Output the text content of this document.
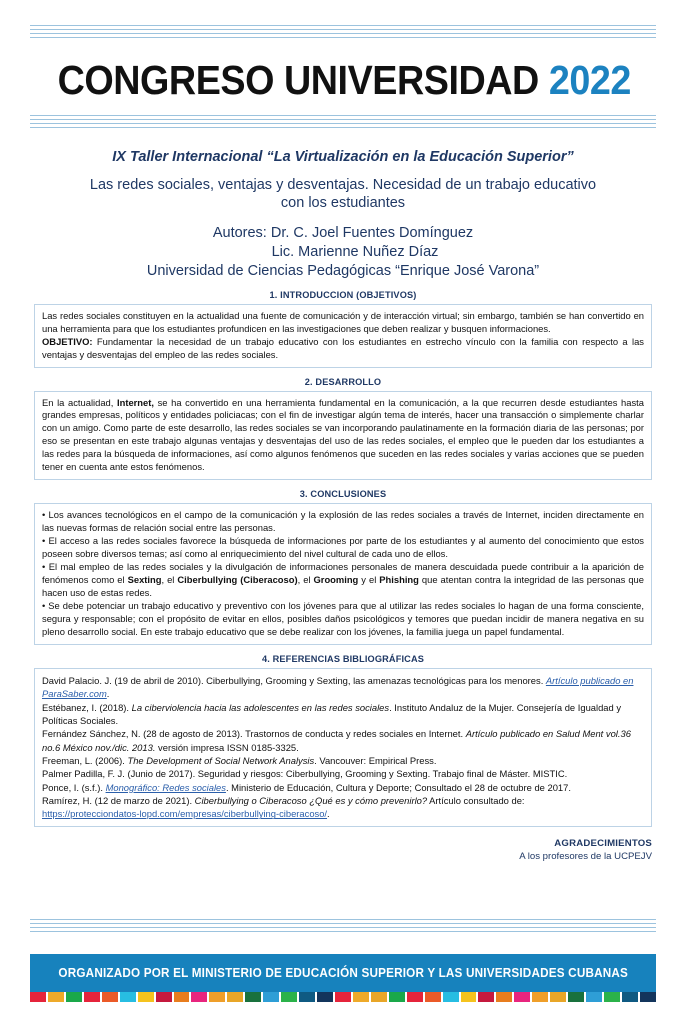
CONGRESO UNIVERSIDAD 2022
IX Taller Internacional “La Virtualización en la Educación Superior”
Las redes sociales, ventajas y desventajas. Necesidad de un trabajo educativo
con los estudiantes
Autores: Dr. C. Joel Fuentes Domínguez
Lic. Marienne Nuñez Díaz
Universidad de Ciencias Pedagógicas “Enrique José Varona”
1. INTRODUCCION (OBJETIVOS)

Las redes sociales constituyen en la actualidad una fuente de comunicación y de interacción virtual; sin embargo, también se han convertido en una herramienta para que los estudiantes profundicen en las investigaciones que deben realizar y busquen informaciones.

OBJETIVO: Fundamentar la necesidad de un trabajo educativo con los estudiantes en estrecho vínculo con la familia con respecto a las ventajas y desventajas del empleo de las redes sociales.

2. DESARROLLO

En la actualidad, Internet, se ha convertido en una herramienta fundamental en la comunicación, a la que recurren desde estudiantes hasta grandes empresas, políticos y entidades policiacas; con el fin de investigar algún tema de interés, hacer una transacción o simplemente charlar con un amigo. Como parte de este desarrollo, las redes sociales se van incorporando paulatinamente en la formación diaria de las personas; por eso se presentan en este trabajo algunas ventajas y desventajas del uso de las redes sociales, el empleo que le pueden dar los estudiantes a las redes para la búsqueda de informaciones, así como algunos fenómenos que suceden en las redes sociales y varias acciones que se pueden tener en cuenta ante estos fenómenos.

3. CONCLUSIONES

• Los avances tecnológicos en el campo de la comunicación y la explosión de las redes sociales a través de Internet, inciden directamente en las nuevas formas de relación social entre las personas.

• El acceso a las redes sociales favorece la búsqueda de informaciones por parte de los estudiantes y al aumento del conocimiento que estos poseen sobre diversos temas; así como al enriquecimiento del nivel cultural de cada uno de ellos.

• El mal empleo de las redes sociales y la divulgación de informaciones personales de manera descuidada puede contribuir a la aparición de fenómenos como el Sexting, el Ciberbullying (Ciberacoso), el Grooming y el Phishing que atentan contra la integridad de las personas que hacen uso de estas redes.

• Se debe potenciar un trabajo educativo y preventivo con los jóvenes para que al utilizar las redes sociales lo hagan de una forma consciente, segura y responsable; con el propósito de evitar en ellos, posibles daños psicológicos y temores que puedan incidir de manera negativa en su pleno desarrollo social. En este trabajo educativo que se debe realizar con los jóvenes, la familia juega un papel fundamental.

4. REFERENCIAS BIBLIOGRÁFICAS

David Palacio. J. (19 de abril de 2010). Ciberbullying, Grooming y Sexting, las amenazas tecnológicas para los menores. Artículo publicado en ParaSaber.com.

Estébanez, I. (2018). La ciberviolencia hacia las adolescentes en las redes sociales. Instituto Andaluz de la Mujer. Consejería de Igualdad y Políticas Sociales.

Fernández Sánchez, N. (28 de agosto de 2013). Trastornos de conducta y redes sociales en Internet. Artículo publicado en Salud Ment vol.36 no.6 México nov./dic. 2013. versión impresa ISSN 0185-3325.

Freeman, L. (2006). The Development of Social Network Analysis. Vancouver: Empirical Press.

Palmer Padilla, F. J. (Junio de 2017). Seguridad y riesgos: Ciberbullying, Grooming y Sexting. Trabajo final de Máster. MISTIC.

Ponce, I. (s.f.). Monográfico: Redes sociales. Ministerio de Educación, Cultura y Deporte; Consultado el 28 de octubre de 2017.

Ramírez, H. (12 de marzo de 2021). Ciberbullying o Ciberacoso ¿Qué es y cómo prevenirlo? Artículo consultado de:

https://protecciondatos-lopd.com/empresas/ciberbullying-ciberacoso/.

AGRADECIMIENTOS
A los profesores de la UCPEJV
ORGANIZADO POR EL MINISTERIO DE EDUCACIÓN SUPERIOR Y LAS UNIVERSIDADES CUBANAS
